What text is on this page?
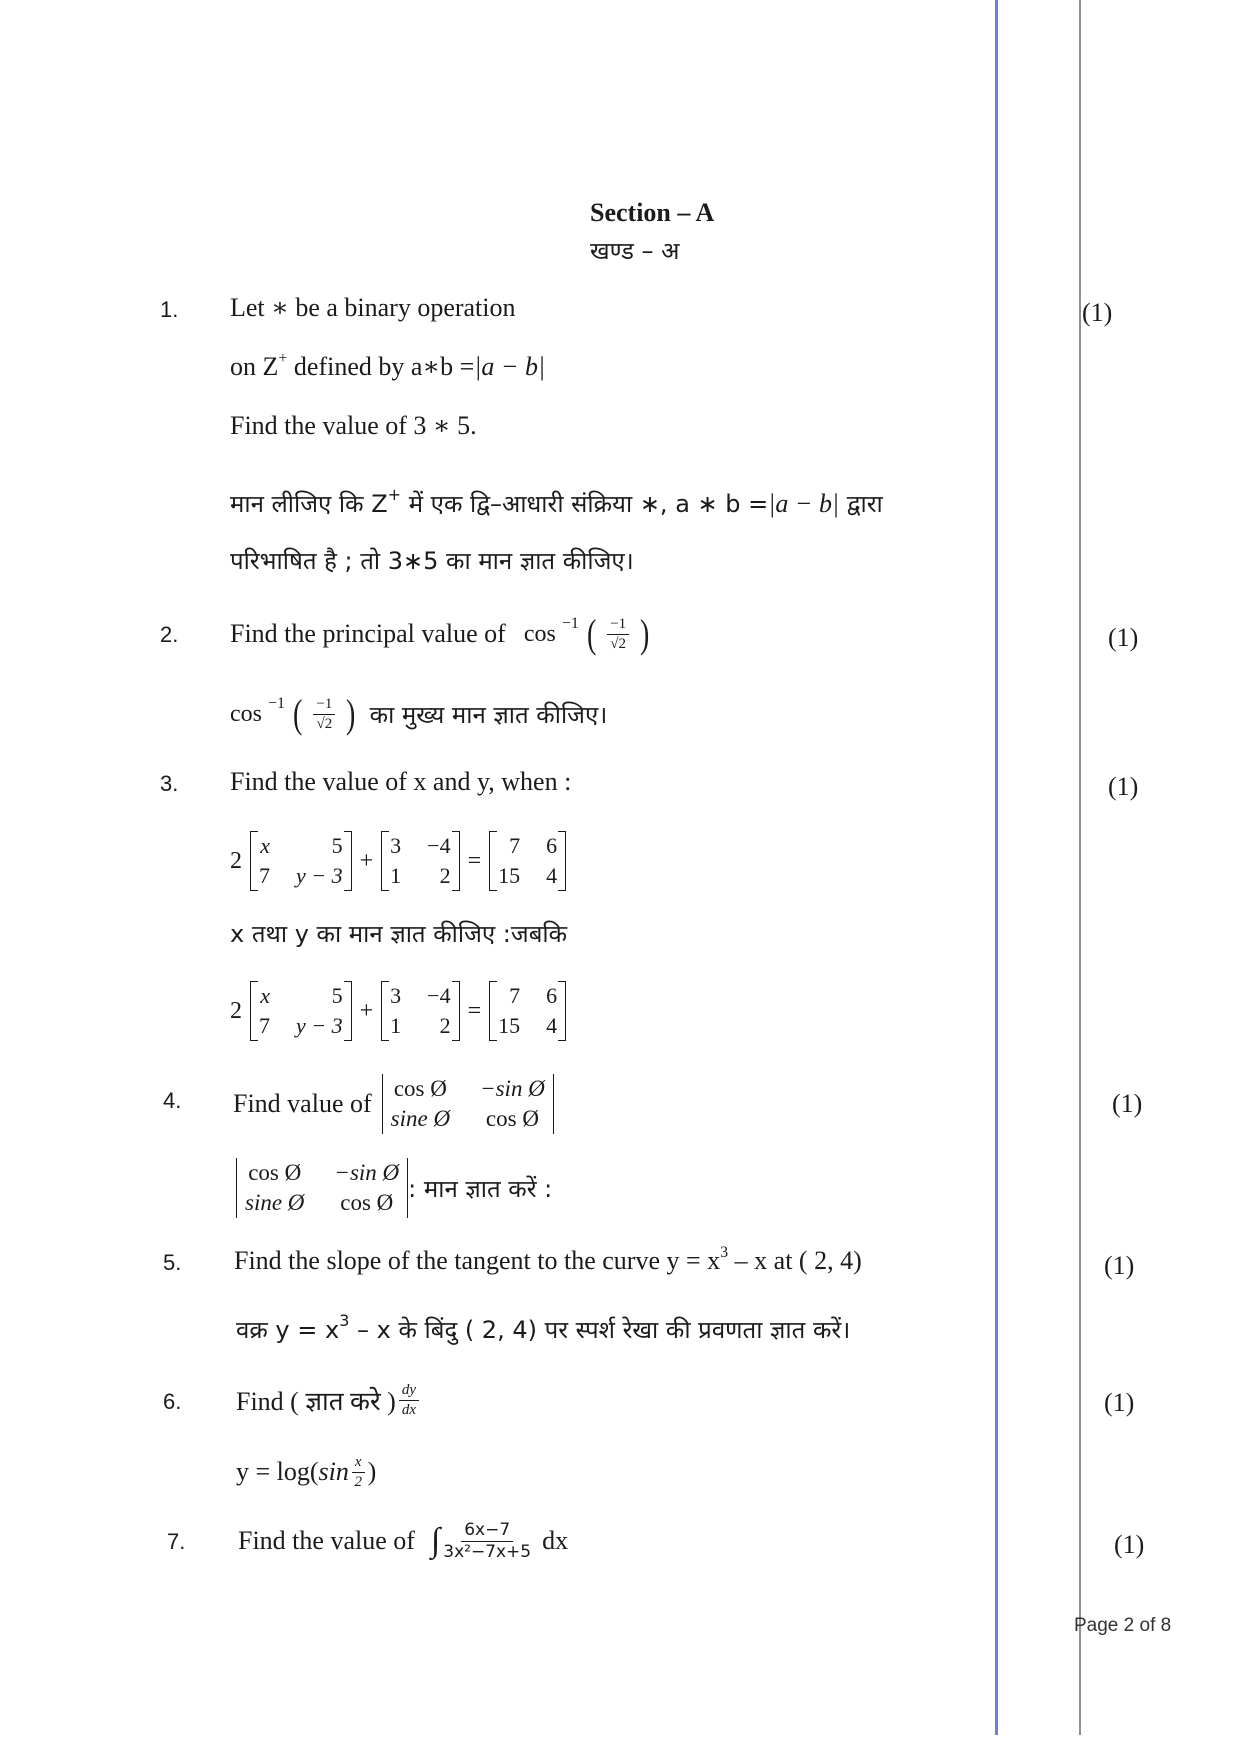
Section – A
खण्ड – अ
1.	(1)
Let ∗ be a binary operation
on Z+ defined by a∗b =|a − b|
Find the value of 3 ∗ 5.
मान लीजिए कि Z+ में एक द्वि–आधारी संक्रिया ∗, a ∗ b =|a − b| द्वारा
परिभाषित है ; तो 3∗5 का मान ज्ञात कीजिए।
2.	(1)
Find the principal value of cos −1 ( $\frac{-1}{√2}$ )
cos −1 ( $\frac{-1}{√2}$ ) का मुख्य मान ज्ञात कीजिए।
3.	(1)
Find the value of x and y, when :
2
x	5
7 y − 3
+
3 −4
1	2
=
7 6
15 4
x तथा y का मान ज्ञात कीजिए :जबकि
2
x	5
7 y − 3
+
3 −4
1	2
=
7 6
15 4
4.	(1)
Find value of
cos Ø −sin Ø
sine Ø cos Ø
cos Ø −sin Ø
sine Ø cos Ø : मान ज्ञात करें :
5.	(1)
Find the slope of the tangent to the curve $y = x^3 - x$ at ( 2, 4)
वक्र $y = x^3 - x$ के बिंदु ( 2, 4) पर स्पर्श रेखा की प्रवणता ज्ञात करें।
6.	(1)
Find ( ज्ञात करे ) $\frac{dy}{dx}$
y = log( $\sin \frac{x}{2}$ )
7.	(1)
Find the value of ∫ $\frac{6x-7}{\text{3x²−7x+5}}$ dx
Page 2 of 8
